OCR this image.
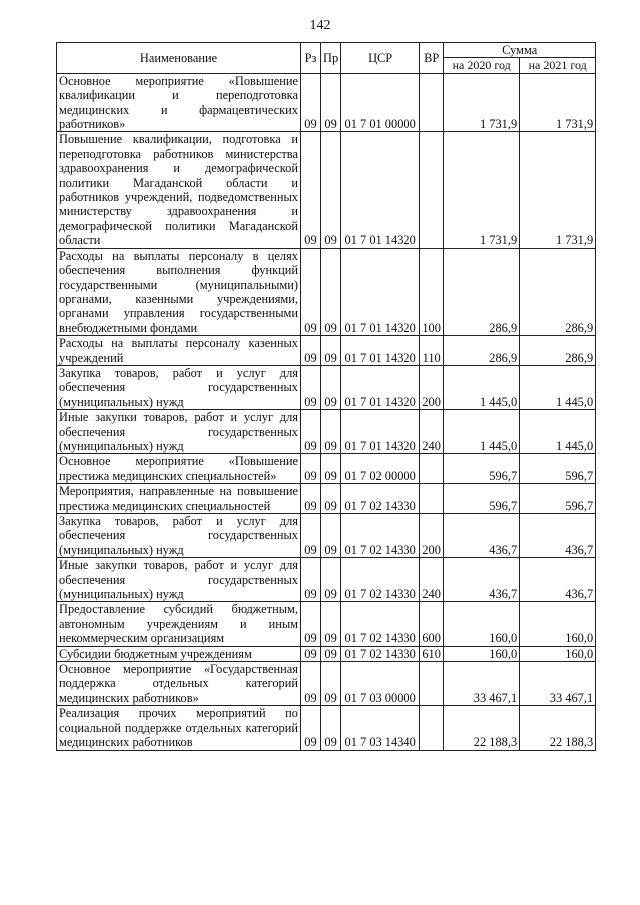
142
Наименование	Рз	Пр	ЦСР	ВР	Сумма	
					на 2020 год	на 2021 год
Основное мероприятие «Повышение квалификации и переподготовка медицинских и фармацевтических работников»	09	09	01 7 01 00000		1 731,9	1 731,9
Повышение квалификации, подготовка и переподготовка работников министерства здравоохранения и демографической политики Магаданской области и работников учреждений, подведомственных министерству здравоохранения и демографической политики Магаданской области	09	09	01 7 01 14320		1 731,9	1 731,9
Расходы на выплаты персоналу в целях обеспечения выполнения функций государственными (муниципальными) органами, казенными учреждениями, органами управления государственными внебюджетными фондами	09	09	01 7 01 14320	100	286,9	286,9
Расходы на выплаты персоналу казенных учреждений	09	09	01 7 01 14320	110	286,9	286,9
Закупка товаров, работ и услуг для обеспечения государственных (муниципальных) нужд	09	09	01 7 01 14320	200	1 445,0	1 445,0
Иные закупки товаров, работ и услуг для обеспечения государственных (муниципальных) нужд	09	09	01 7 01 14320	240	1 445,0	1 445,0
Основное мероприятие «Повышение престижа медицинских специальностей»	09	09	01 7 02 00000		596,7	596,7
Мероприятия, направленные на повышение престижа медицинских специальностей	09	09	01 7 02 14330		596,7	596,7
Закупка товаров, работ и услуг для обеспечения государственных (муниципальных) нужд	09	09	01 7 02 14330	200	436,7	436,7
Иные закупки товаров, работ и услуг для обеспечения государственных (муниципальных) нужд	09	09	01 7 02 14330	240	436,7	436,7
Предоставление субсидий бюджетным, автономным учреждениям и иным некоммерческим организациям	09	09	01 7 02 14330	600	160,0	160,0
Субсидии бюджетным учреждениям	09	09	01 7 02 14330	610	160,0	160,0
Основное мероприятие «Государственная поддержка отдельных категорий медицинских работников»	09	09	01 7 03 00000		33 467,1	33 467,1
Реализация прочих мероприятий по социальной поддержке отдельных категорий медицинских работников	09	09	01 7 03 14340		22 188,3	22 188,3
